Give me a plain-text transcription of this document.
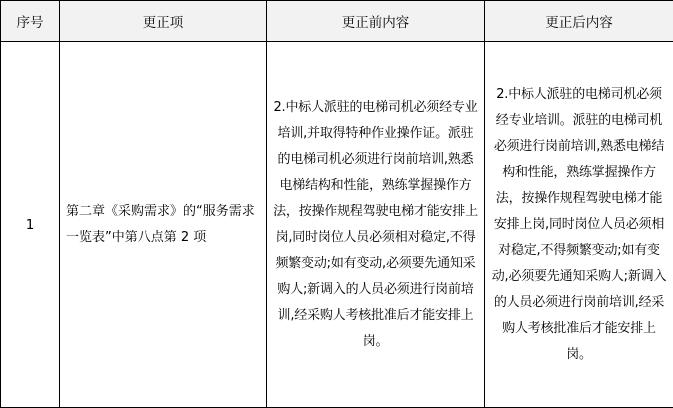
序号	更正项	更正前内容	更正后内容
1	第二章《采购需求》的“服务需求一览表”中第八点第 2 项	2.中标人派驻的电梯司机必须经专业培训,并取得特种作业操作证。派驻的电梯司机必须进行岗前培训,熟悉电梯结构和性能，熟练掌握操作方法，按操作规程驾驶电梯才能安排上岗,同时岗位人员必须相对稳定,不得频繁变动;如有变动,必须要先通知采购人;新调入的人员必须进行岗前培训,经采购人考核批准后才能安排上岗。	2.中标人派驻的电梯司机必须经专业培训。派驻的电梯司机必须进行岗前培训,熟悉电梯结构和性能，熟练掌握操作方法，按操作规程驾驶电梯才能安排上岗,同时岗位人员必须相对稳定,不得频繁变动;如有变动,必须要先通知采购人;新调入的人员必须进行岗前培训,经采购人考核批准后才能安排上岗。
